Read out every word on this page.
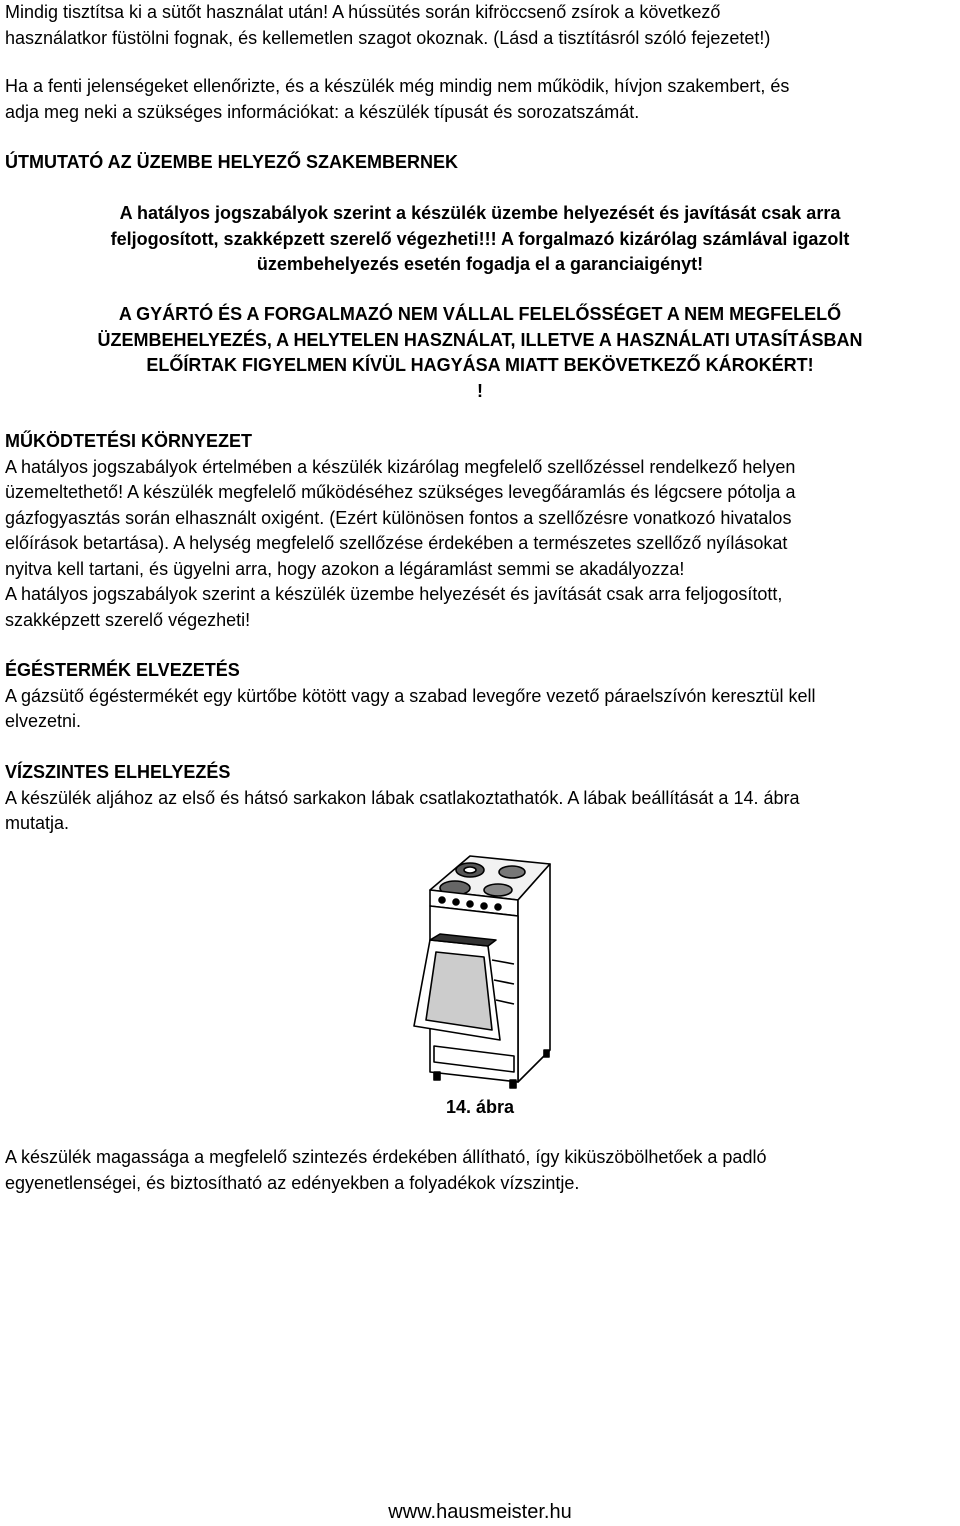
Mindig tisztítsa ki a sütőt használat után! A hússütés során kifröccsenő zsírok a következő
használatkor füstölni fognak, és kellemetlen szagot okoznak. (Lásd a tisztításról szóló fejezetet!)
Ha a fenti jelenségeket ellenőrizte, és a készülék még mindig nem működik, hívjon szakembert, és
adja meg neki a szükséges információkat: a készülék típusát és sorozatszámát.
ÚTMUTATÓ AZ ÜZEMBE HELYEZŐ SZAKEMBERNEK
A hatályos jogszabályok szerint a készülék üzembe helyezését és javítását csak arra
feljogosított, szakképzett szerelő végezheti!!! A forgalmazó kizárólag számlával igazolt
üzembehelyezés esetén fogadja el a garanciaigényt!
A GYÁRTÓ ÉS A FORGALMAZÓ NEM VÁLLAL FELELŐSSÉGET A NEM MEGFELELŐ
ÜZEMBEHELYEZÉS, A HELYTELEN HASZNÁLAT, ILLETVE A HASZNÁLATI UTASÍTÁSBAN
ELŐÍRTAK FIGYELMEN KÍVÜL HAGYÁSA MIATT BEKÖVETKEZŐ KÁROKÉRT!
!
MŰKÖDTETÉSI KÖRNYEZET
A hatályos jogszabályok értelmében a készülék kizárólag megfelelő szellőzéssel rendelkező helyen
üzemeltethető! A készülék megfelelő működéséhez szükséges levegőáramlás és légcsere pótolja a
gázfogyasztás során elhasznált oxigént. (Ezért különösen fontos a szellőzésre vonatkozó hivatalos
előírások betartása). A helység megfelelő szellőzése érdekében a természetes szellőző nyílásokat
nyitva kell tartani, és ügyelni arra, hogy azokon a légáramlást semmi se akadályozza!
A hatályos jogszabályok szerint a készülék üzembe helyezését és javítását csak arra feljogosított,
szakképzett szerelő végezheti!
ÉGÉSTERMÉK ELVEZETÉS
A gázsütő égéstermékét egy kürtőbe kötött vagy a szabad levegőre vezető páraelszívón keresztül kell
elvezetni.
VÍZSZINTES ELHELYEZÉS
A készülék aljához az első és hátsó sarkakon lábak csatlakoztathatók. A lábak beállítását a 14. ábra
mutatja.
14. ábra
A készülék magassága a megfelelő szintezés érdekében állítható, így kiküszöbölhetőek a padló
egyenetlenségei, és biztosítható az edényekben a folyadékok vízszintje.
www.hausmeister.hu
